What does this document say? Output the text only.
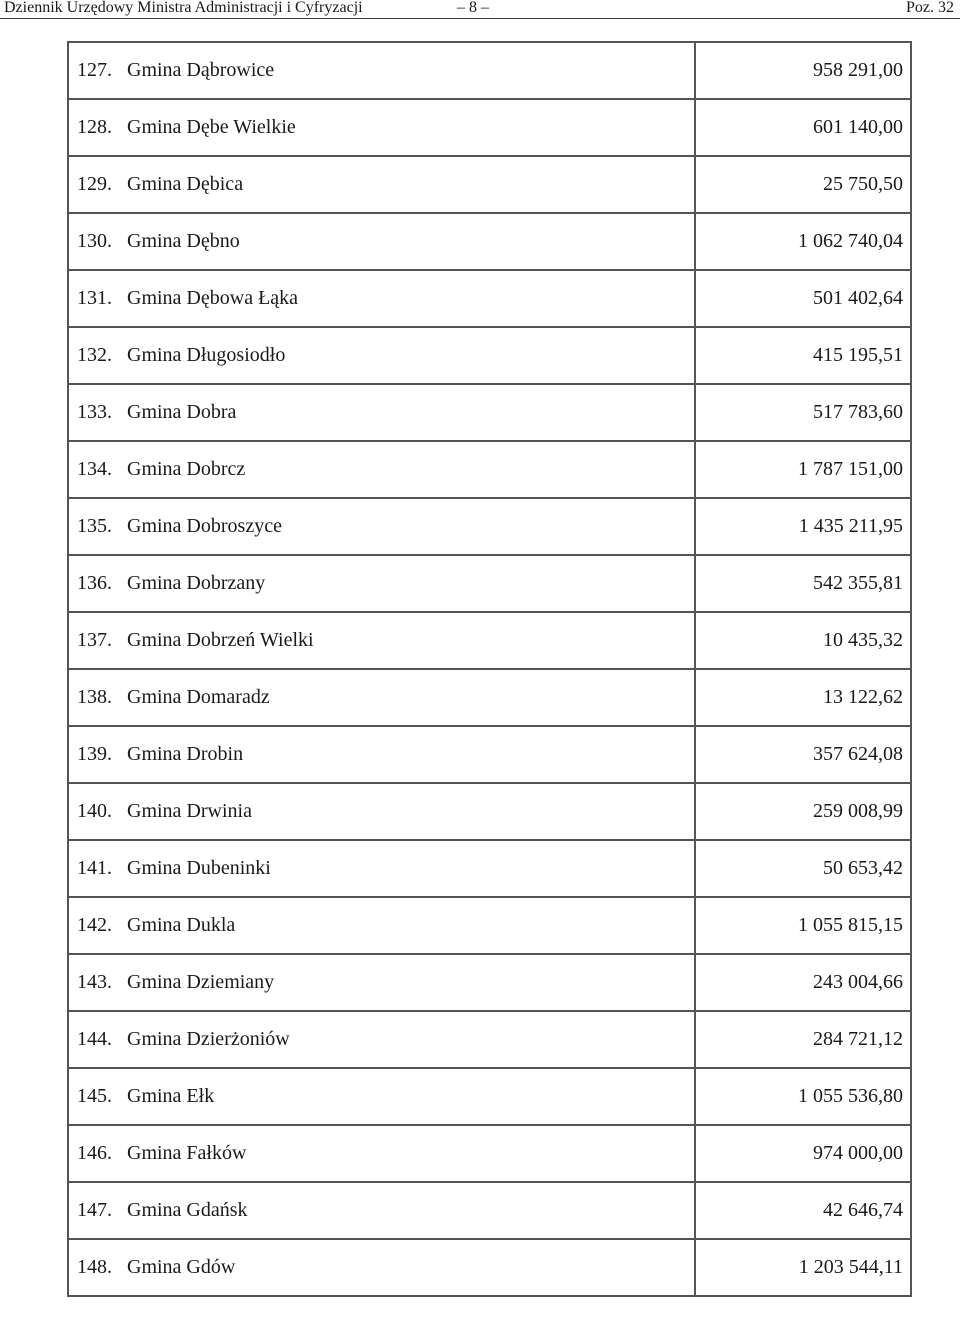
Dziennik Urzędowy Ministra Administracji i Cyfryzacji	– 8 –	Poz. 32
127. Gmina Dąbrowice	958 291,00
128. Gmina Dębe Wielkie	601 140,00
129. Gmina Dębica	25 750,50
130. Gmina Dębno	1 062 740,04
131. Gmina Dębowa Łąka	501 402,64
132. Gmina Długosiodło	415 195,51
133. Gmina Dobra	517 783,60
134. Gmina Dobrcz	1 787 151,00
135. Gmina Dobroszyce	1 435 211,95
136. Gmina Dobrzany	542 355,81
137. Gmina Dobrzeń Wielki	10 435,32
138. Gmina Domaradz	13 122,62
139. Gmina Drobin	357 624,08
140. Gmina Drwinia	259 008,99
141. Gmina Dubeninki	50 653,42
142. Gmina Dukla	1 055 815,15
143. Gmina Dziemiany	243 004,66
144. Gmina Dzierżoniów	284 721,12
145. Gmina Ełk	1 055 536,80
146. Gmina Fałków	974 000,00
147. Gmina Gdańsk	42 646,74
148. Gmina Gdów	1 203 544,11
